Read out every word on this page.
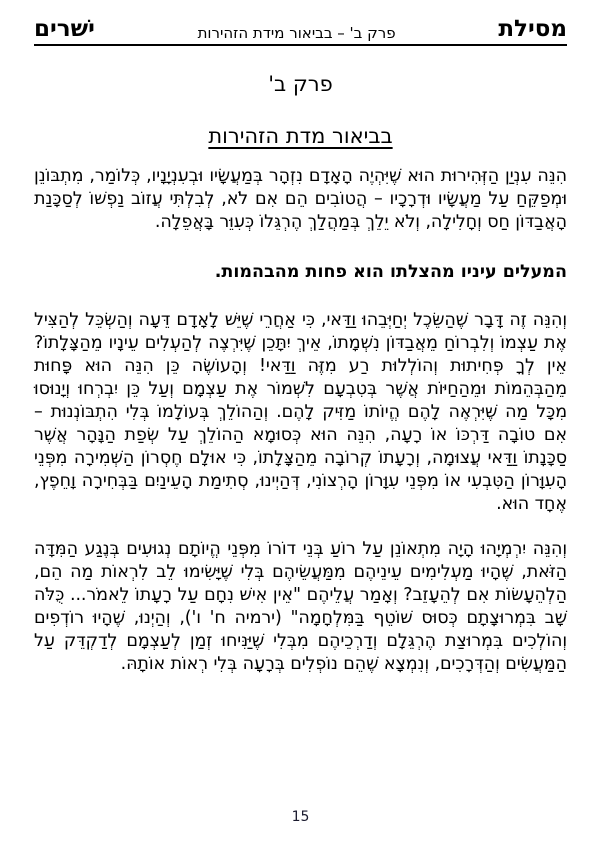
מסילת
פרק ב' – בביאור מידת הזהירות
ישׁרים
פרק ב'
בביאור מדת הזהירות

הִנֵּה עִנְיַן הַזְּהִירוּת הוּא שֶׁיִּהְיֶה הָאָדָם נִזְהָר בְּמַעֲשָׂיו וּבְעִנְיָנָיו, כְּלוֹמַר, מִתְבּוֹנֵן וּמְפַקֵּחַ עַל מַעֲשָׂיו וּדְרָכָיו – הֲטוֹבִים הֵם אִם לֹא, לְבִלְתִּי עֲזוֹב נַפְשׁוֹ לְסַכָּנַת הָאֲבַדּוֹן חַס וְחָלִילָה, וְלֹא יֵלֵךְ בְּמַהֲלַךְ הֶרְגֵּלוֹ כְּעִוֵּר בָּאֲפֵלָה.

המעלים עיניו מהצלתו הוא פחות מהבהמות.

וְהִנֵּה זֶה דָּבָר שֶׁהַשֵּׂכֶל יְחַיְּבֵהוּ וַדַּאי, כִּי אַחֲרֵי שֶׁיֵּשׁ לָאָדָם דֵּעָה וְהַשְׂכֵּל לְהַצִּיל אֶת עַצְמוֹ וְלִבְרוֹחַ מֵאֲבַדּוֹן נִשְׁמָתוֹ, אֵיךְ יִתָּכֵן שֶׁיִּרְצֶה לְהַעְלִים עֵינָיו מֵהַצָּלָתוֹ? אֵין לְךָ פְּחִיתוּת וְהוֹלְלוּת רַע מִזֶּה וַדַּאי! וְהָעוֹשֶׂה כֵּן הִנֵּה הוּא פָּחוּת מֵהַבְּהֵמוֹת וּמֵהַחַיּוֹת אֲשֶׁר בְּטִבְעָם לִשְׁמוֹר אֶת עַצְמָם וְעַל כֵּן יִבְרְחוּ וְיָנוּסוּ מִכָּל מַה שֶּׁיִּרְאֶה לָהֶם הֱיוֹתוֹ מַזִּיק לָהֶם. וְהַהוֹלֵךְ בְּעוֹלָמוֹ בְּלִי הִתְבּוֹנְנוּת – אִם טוֹבָה דַּרְכּוֹ אוֹ רָעָה, הִנֵּה הוּא כְּסוּמָא הַהוֹלֵךְ עַל שְׂפַת הַנָּהָר אֲשֶׁר סַכָּנָתוֹ וַדַּאי עֲצוּמָה, וְרָעָתוֹ קְרוֹבָה מֵהַצָּלָתוֹ, כִּי אוּלָם חֶסְרוֹן הַשְּׁמִירָה מִפְּנֵי הָעִוָּרוֹן הַטִּבְעִי אוֹ מִפְּנֵי עִוָּרוֹן הָרְצוֹנִי, דְּהַיְינוּ, סְתִימַת הָעֵינַיִם בַּבְּחִירָה וָחֵפֶץ, אֶחָד הוּא.

וְהִנֵּה יִרְמְיָהוּ הָיָה מִתְאוֹנֵן עַל רוֹעַ בְּנֵי דוֹרוֹ מִפְּנֵי הֱיוֹתָם נְגוּעִים בְּנֶגַע הַמִּדָּה הַזֹּאת, שֶׁהָיוּ מַעְלִימִים עֵינֵיהֶם מִמַּעֲשֵׂיהֶם בְּלִי שֶׁיָּשִׂימוּ לֵב לִרְאוֹת מַה הֵם, הַלְהֵעָשׂוֹת אִם לְהֵעָזֵב? וְאָמַר עֲלֵיהֶם "אֵין אִישׁ נִחָם עַל רָעָתוֹ לֵאמֹר... כֻּלֹּה שָׁב בִּמְרוּצָתָם כְּסוּס שׁוֹטֵף בַּמִּלְחָמָה" (ירמיה ח' ו'), וְהַיְנוּ, שֶׁהָיוּ רוֹדְפִים וְהוֹלְכִים בִּמְרוּצַת הֶרְגֵּלָם וְדַרְכֵיהֶם מִבְּלִי שֶׁיַּנִּיחוּ זְמַן לְעַצְמָם לְדַקְדֵּק עַל הַמַּעֲשִׂים וְהַדְּרָכִים, וְנִמְצָא שֶׁהֵם נוֹפְלִים בְּרָעָה בְּלִי רְאוֹת אוֹתָהּ.

15
